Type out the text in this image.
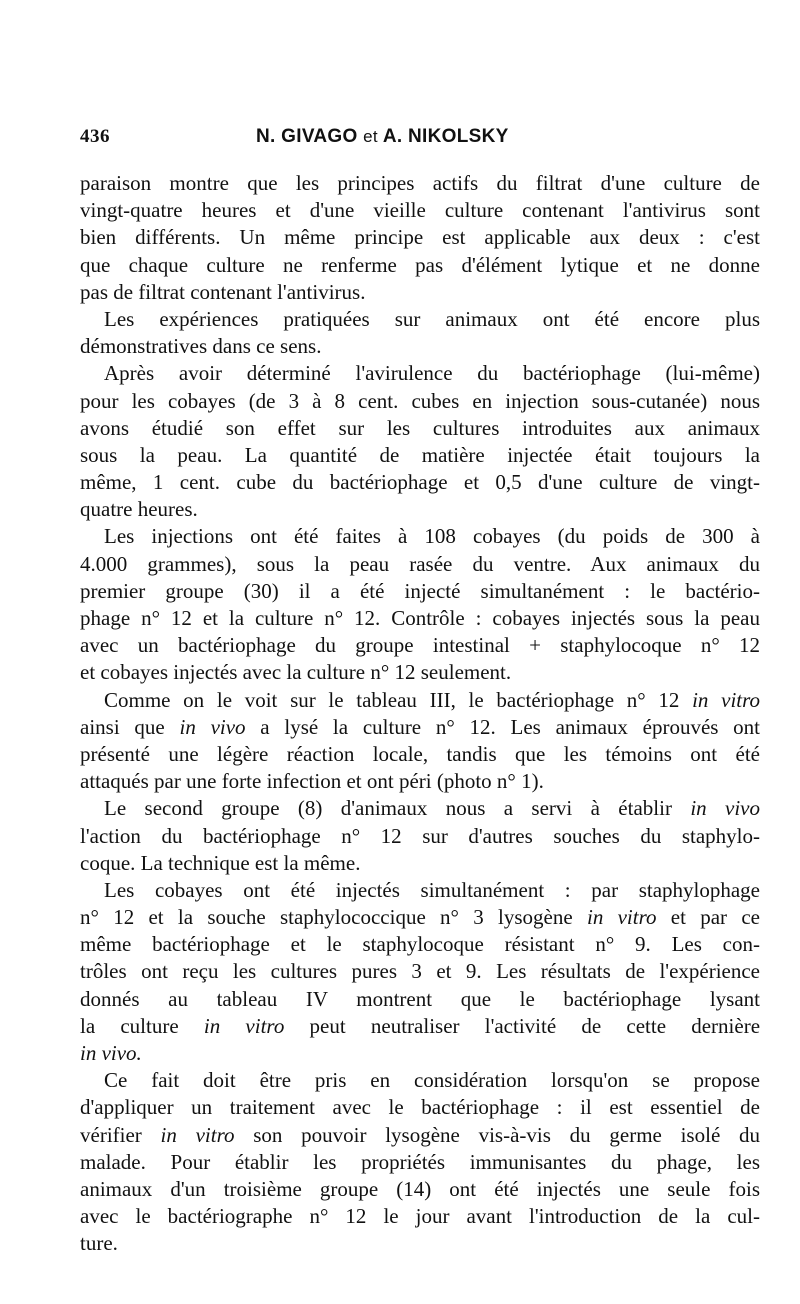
436	N. GIVAGO et A. NIKOLSKY
paraison montre que les principes actifs du filtrat d'une culture de
vingt-quatre heures et d'une vieille culture contenant l'antivirus sont
bien différents. Un même principe est applicable aux deux : c'est
que chaque culture ne renferme pas d'élément lytique et ne donne
pas de filtrat contenant l'antivirus.
Les expériences pratiquées sur animaux ont été encore plus
démonstratives dans ce sens.
Après avoir déterminé l'avirulence du bactériophage (lui-même)
pour les cobayes (de 3 à 8 cent. cubes en injection sous-cutanée) nous
avons étudié son effet sur les cultures introduites aux animaux
sous la peau. La quantité de matière injectée était toujours la
même, 1 cent. cube du bactériophage et 0,5 d'une culture de vingt-
quatre heures.
Les injections ont été faites à 108 cobayes (du poids de 300 à
4.000 grammes), sous la peau rasée du ventre. Aux animaux du
premier groupe (30) il a été injecté simultanément : le bactério-
phage n° 12 et la culture n° 12. Contrôle : cobayes injectés sous la peau
avec un bactériophage du groupe intestinal + staphylocoque n° 12
et cobayes injectés avec la culture n° 12 seulement.
Comme on le voit sur le tableau III, le bactériophage n° 12 in vitro
ainsi que in vivo a lysé la culture n° 12. Les animaux éprouvés ont
présenté une légère réaction locale, tandis que les témoins ont été
attaqués par une forte infection et ont péri (photo n° 1).
Le second groupe (8) d'animaux nous a servi à établir in vivo
l'action du bactériophage n° 12 sur d'autres souches du staphylo-
coque. La technique est la même.
Les cobayes ont été injectés simultanément : par staphylophage
n° 12 et la souche staphylococcique n° 3 lysogène in vitro et par ce
même bactériophage et le staphylocoque résistant n° 9. Les con-
trôles ont reçu les cultures pures 3 et 9. Les résultats de l'expérience
donnés au tableau IV montrent que le bactériophage lysant
la culture in vitro peut neutraliser l'activité de cette dernière
in vivo.
Ce fait doit être pris en considération lorsqu'on se propose
d'appliquer un traitement avec le bactériophage : il est essentiel de
vérifier in vitro son pouvoir lysogène vis-à-vis du germe isolé du
malade. Pour établir les propriétés immunisantes du phage, les
animaux d'un troisième groupe (14) ont été injectés une seule fois
avec le bactériographe n° 12 le jour avant l'introduction de la cul-
ture.
